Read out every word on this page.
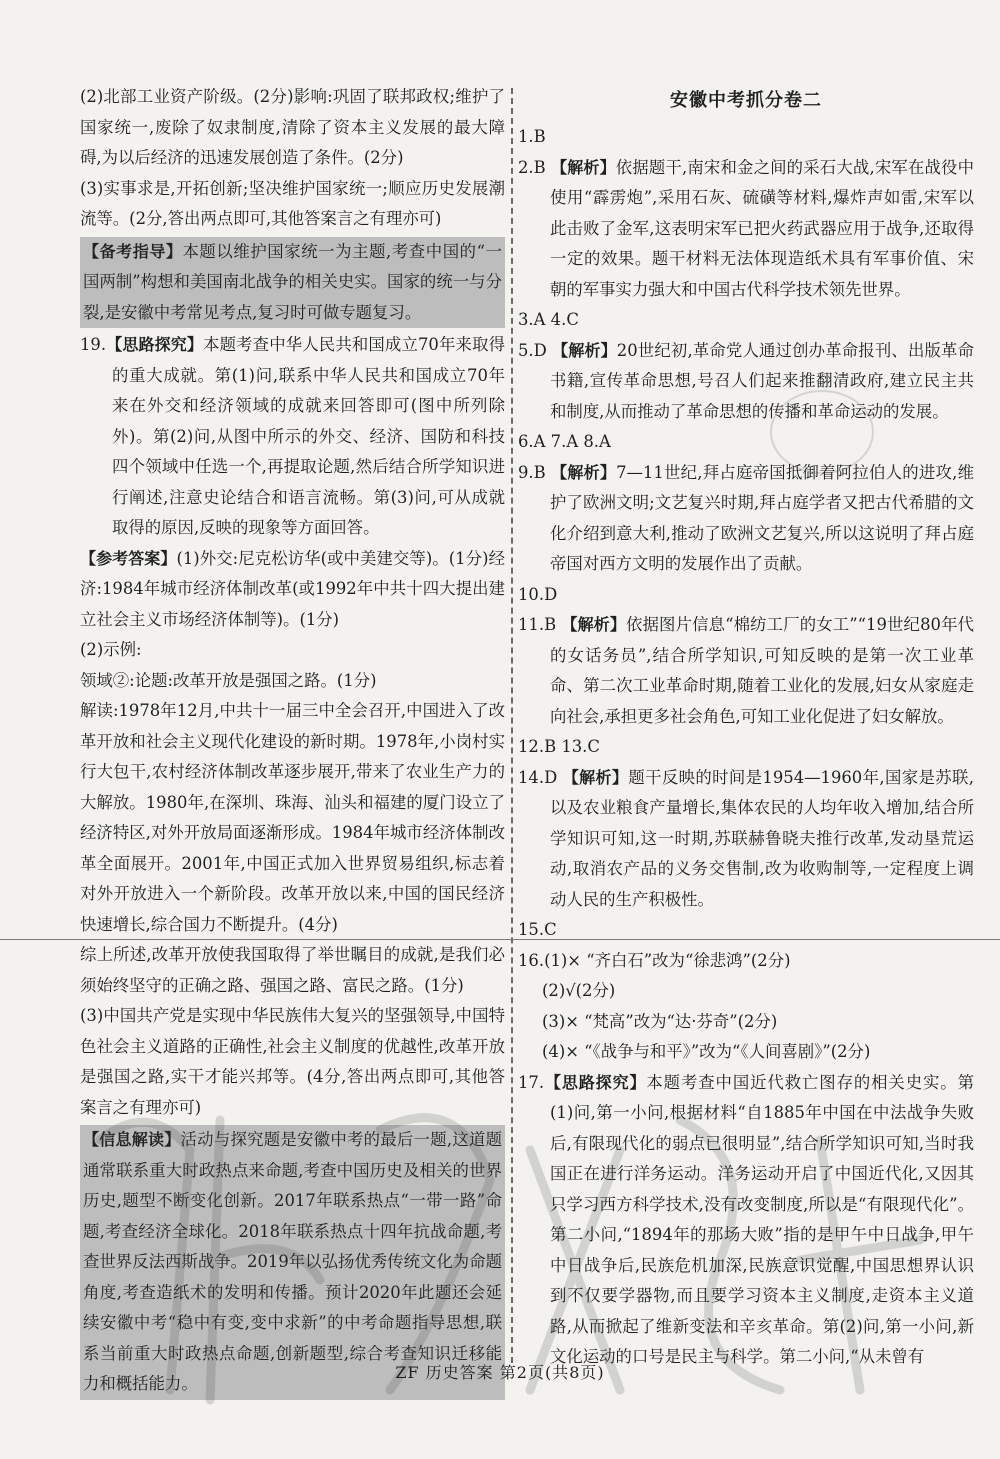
(2)北部工业资产阶级。(2分)影响:巩固了联邦政权;维护了国家统一,废除了奴隶制度,清除了资本主义发展的最大障碍,为以后经济的迅速发展创造了条件。(2分)

(3)实事求是,开拓创新;坚决维护国家统一;顺应历史发展潮流等。(2分,答出两点即可,其他答案言之有理亦可)

【备考指导】本题以维护国家统一为主题,考查中国的“一国两制”构想和美国南北战争的相关史实。国家的统一与分裂,是安徽中考常见考点,复习时可做专题复习。

19.【思路探究】本题考查中华人民共和国成立70年来取得的重大成就。第(1)问,联系中华人民共和国成立70年来在外交和经济领域的成就来回答即可(图中所列除外)。第(2)问,从图中所示的外交、经济、国防和科技四个领域中任选一个,再提取论题,然后结合所学知识进行阐述,注意史论结合和语言流畅。第(3)问,可从成就取得的原因,反映的现象等方面回答。

【参考答案】(1)外交:尼克松访华(或中美建交等)。(1分)经济:1984年城市经济体制改革(或1992年中共十四大提出建立社会主义市场经济体制等)。(1分)

(2)示例:

领域②:论题:改革开放是强国之路。(1分)

解读:1978年12月,中共十一届三中全会召开,中国进入了改革开放和社会主义现代化建设的新时期。1978年,小岗村实行大包干,农村经济体制改革逐步展开,带来了农业生产力的大解放。1980年,在深圳、珠海、汕头和福建的厦门设立了经济特区,对外开放局面逐渐形成。1984年城市经济体制改革全面展开。2001年,中国正式加入世界贸易组织,标志着对外开放进入一个新阶段。改革开放以来,中国的国民经济快速增长,综合国力不断提升。(4分)

综上所述,改革开放使我国取得了举世瞩目的成就,是我们必须始终坚守的正确之路、强国之路、富民之路。(1分)

(3)中国共产党是实现中华民族伟大复兴的坚强领导,中国特色社会主义道路的正确性,社会主义制度的优越性,改革开放是强国之路,实干才能兴邦等。(4分,答出两点即可,其他答案言之有理亦可)

【信息解读】活动与探究题是安徽中考的最后一题,这道题通常联系重大时政热点来命题,考查中国历史及相关的世界历史,题型不断变化创新。2017年联系热点“一带一路”命题,考查经济全球化。2018年联系热点十四年抗战命题,考查世界反法西斯战争。2019年以弘扬优秀传统文化为命题角度,考查造纸术的发明和传播。预计2020年此题还会延续安徽中考“稳中有变,变中求新”的中考命题指导思想,联系当前重大时政热点命题,创新题型,综合考查知识迁移能力和概括能力。

安徽中考抓分卷二

1.B

2.B 【解析】依据题干,南宋和金之间的采石大战,宋军在战役中使用“霹雳炮”,采用石灰、硫磺等材料,爆炸声如雷,宋军以此击败了金军,这表明宋军已把火药武器应用于战争,还取得一定的效果。题干材料无法体现造纸术具有军事价值、宋朝的军事实力强大和中国古代科学技术领先世界。

3.A 4.C

5.D 【解析】20世纪初,革命党人通过创办革命报刊、出版革命书籍,宣传革命思想,号召人们起来推翻清政府,建立民主共和制度,从而推动了革命思想的传播和革命运动的发展。

6.A 7.A 8.A

9.B 【解析】7—11世纪,拜占庭帝国抵御着阿拉伯人的进攻,维护了欧洲文明;文艺复兴时期,拜占庭学者又把古代希腊的文化介绍到意大利,推动了欧洲文艺复兴,所以这说明了拜占庭帝国对西方文明的发展作出了贡献。

10.D

11.B 【解析】依据图片信息“棉纺工厂的女工”“19世纪80年代的女话务员”,结合所学知识,可知反映的是第一次工业革命、第二次工业革命时期,随着工业化的发展,妇女从家庭走向社会,承担更多社会角色,可知工业化促进了妇女解放。

12.B 13.C

14.D 【解析】题干反映的时间是1954—1960年,国家是苏联,以及农业粮食产量增长,集体农民的人均年收入增加,结合所学知识可知,这一时期,苏联赫鲁晓夫推行改革,发动垦荒运动,取消农产品的义务交售制,改为收购制等,一定程度上调动人民的生产积极性。

15.C

16.(1)× “齐白石”改为“徐悲鸿”(2分)

(2)√(2分)

(3)× “梵高”改为“达·芬奇”(2分)

(4)× “《战争与和平》”改为“《人间喜剧》”(2分)

17.【思路探究】本题考查中国近代救亡图存的相关史实。第(1)问,第一小问,根据材料“自1885年中国在中法战争失败后,有限现代化的弱点已很明显”,结合所学知识可知,当时我国正在进行洋务运动。洋务运动开启了中国近代化,又因其只学习西方科学技术,没有改变制度,所以是“有限现代化”。第二小问,“1894年的那场大败”指的是甲午中日战争,甲午中日战争后,民族危机加深,民族意识觉醒,中国思想界认识到不仅要学器物,而且要学习资本主义制度,走资本主义道路,从而掀起了维新变法和辛亥革命。第(2)问,第一小问,新文化运动的口号是民主与科学。第二小问,“从未曾有

ZF 历史答案 第2页(共8页)
